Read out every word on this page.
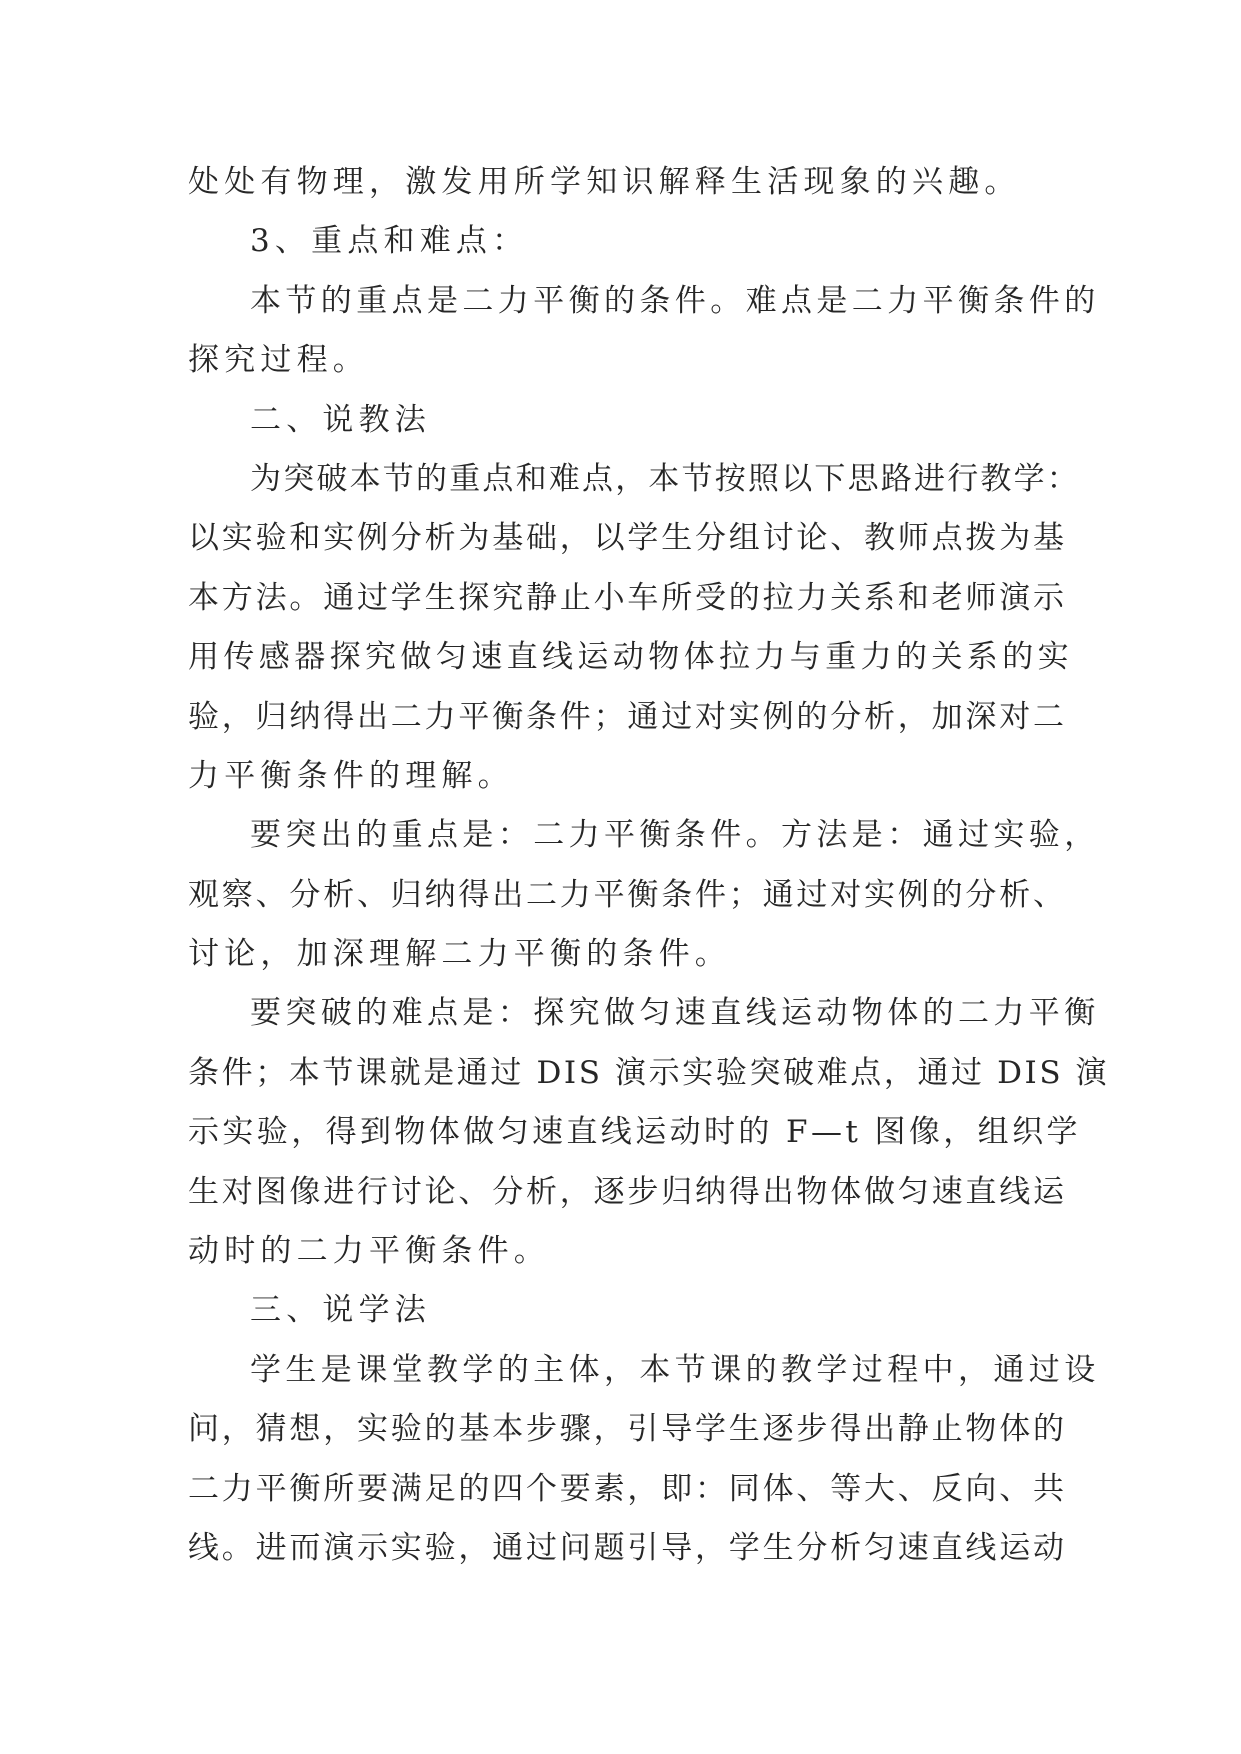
处处有物理，激发用所学知识解释生活现象的兴趣。
3、重点和难点：
本节的重点是二力平衡的条件。难点是二力平衡条件的
探究过程。
二、说教法
为突破本节的重点和难点，本节按照以下思路进行教学：
以实验和实例分析为基础，以学生分组讨论、教师点拨为基
本方法。通过学生探究静止小车所受的拉力关系和老师演示
用传感器探究做匀速直线运动物体拉力与重力的关系的实
验，归纳得出二力平衡条件；通过对实例的分析，加深对二
力平衡条件的理解。
要突出的重点是：二力平衡条件。方法是：通过实验，
观察、分析、归纳得出二力平衡条件；通过对实例的分析、
讨论，加深理解二力平衡的条件。
要突破的难点是：探究做匀速直线运动物体的二力平衡
条件；本节课就是通过 DIS 演示实验突破难点，通过 DIS 演
示实验，得到物体做匀速直线运动时的 F—t 图像，组织学
生对图像进行讨论、分析，逐步归纳得出物体做匀速直线运
动时的二力平衡条件。
三、说学法
学生是课堂教学的主体，本节课的教学过程中，通过设
问，猜想，实验的基本步骤，引导学生逐步得出静止物体的
二力平衡所要满足的四个要素，即：同体、等大、反向、共
线。进而演示实验，通过问题引导，学生分析匀速直线运动
